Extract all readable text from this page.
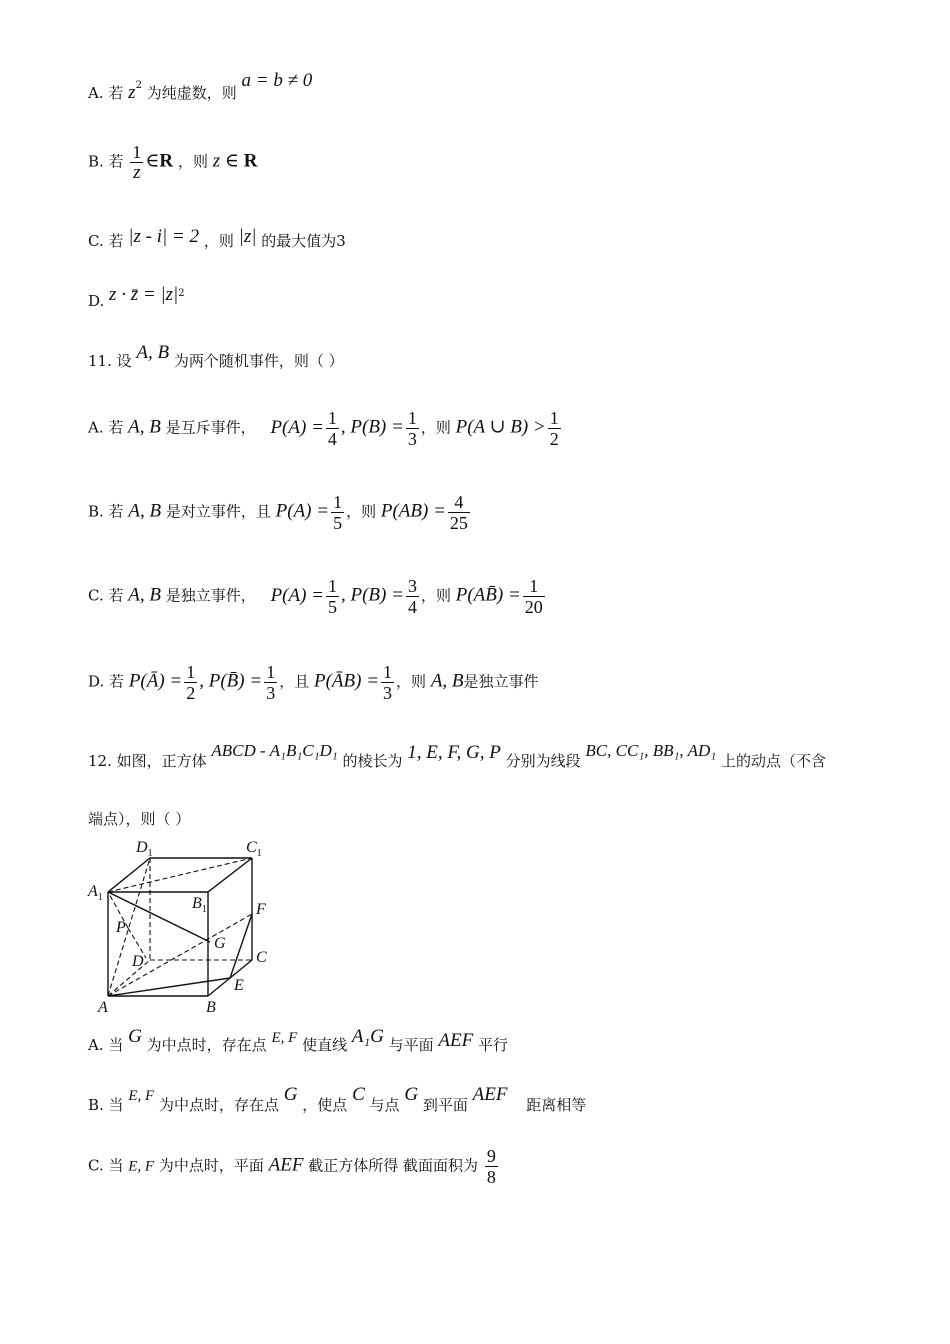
A. 若 $z^2$ 为纯虚数，则 a = b ≠ 0
B. 若 $\frac{1}{z}$ ∈R ，则 z ∈ R
C. 若 |z - i| = 2 ，则 |z| 的最大值为3
D. z · z̄ = $|z|^2$
11. 设 A, B 为两个随机事件，则（ ）
A. 若 A, B 是互斥事件， $P(A) = \frac{1}{4}$ , $P(B) = \frac{1}{3}$ ，则 P(A ∪ $B) > \frac{1}{2}$
B. 若 A, B 是对立事件，且 $P(A) = \frac{1}{5}$ ，则 $P(AB) = \frac{4}{25}$
C. 若 A, B 是独立事件， $P(A) = \frac{1}{5}$ , $P(B) = \frac{3}{4}$ ，则 P(AB̄) = $\frac{1}{20}$
D. 若 P(Ā) = $\frac{1}{2}$ , P(B̄) = $\frac{1}{3}$ ，且 P(ĀB) = $\frac{1}{3}$ ，则 A, B是独立事件
12. 如图，正方体 ABCD - A₁B₁C₁D₁ 的棱长为 1, E, F, G, P 分别为线段 BC, CC₁, BB₁, AD₁ 上的动点（不含
端点），则（ ）
$D_1$	$C_1$
$A_1$	$B_1$	F
P
G
D	C
E
A	B
A. 当 G 为中点时，存在点 E, F 使直线 A₁G 与平面 AEF 平行
B. 当 E, F 为中点时，存在点 G ，使点 C 与点 G 到平面 AEF 距离相等
C. 当 E, F 为中点时，平面 AEF 截正方体所得 截面面积为 $\frac{9}{8}$
